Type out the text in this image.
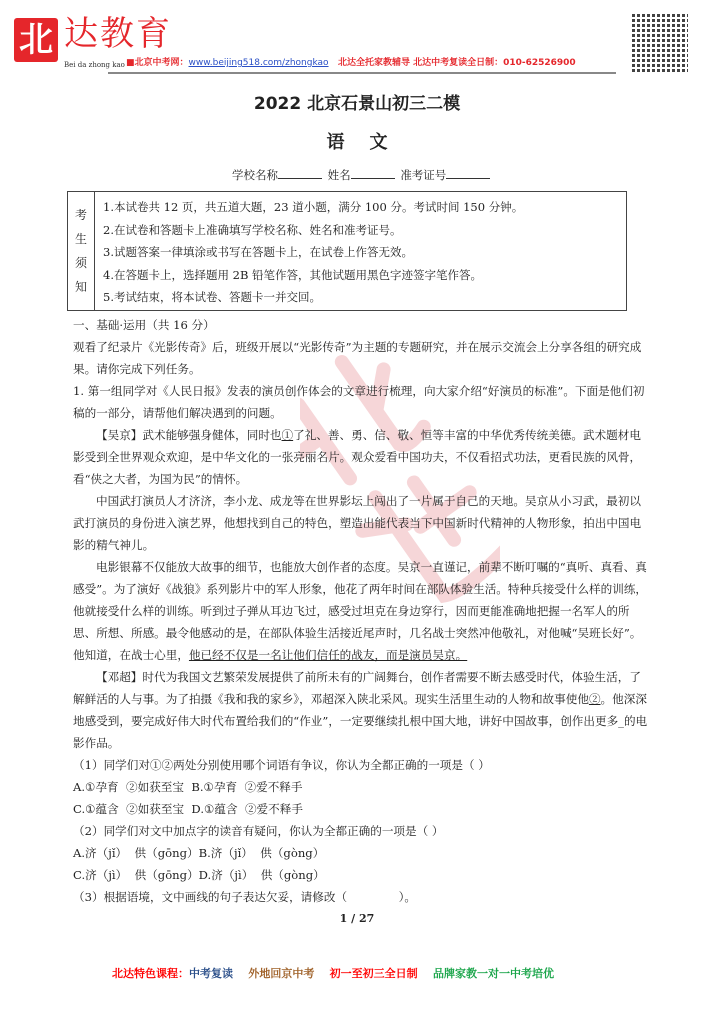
北 达教育
Bei da zhong kao ■北京中考网：www.beijing518.com/zhongkao 北达全托家教辅导 北达中考复读全日制：010-62526900
2022 北京石景山初三二模
语    文
学校名称	姓名	准考证号
考
生
须
知
1.本试卷共 12 页，共五道大题，23 道小题，满分 100 分。考试时间 150 分钟。
2.在试卷和答题卡上准确填写学校名称、姓名和准考证号。
3.试题答案一律填涂或书写在答题卡上，在试卷上作答无效。
4.在答题卡上，选择题用 2B 铅笔作答，其他试题用黑色字迹签字笔作答。
5.考试结束，将本试卷、答题卡一并交回。

一、基础·运用（共 16 分）

观看了纪录片《光影传奇》后，班级开展以“光影传奇”为主题的专题研究，并在展示交流会上分享各组的研究成果。请你完成下列任务。

1. 第一组同学对《人民日报》发表的演员创作体会的文章进行梳理，向大家介绍“好演员的标准”。下面是他们初稿的一部分，请帮他们解决遇到的问题。

【吴京】武术能够强身健体，同时也①了礼、善、勇、信、敬、恒等丰富的中华优秀传统美德。武术题材电影受到全世界观众欢迎，是中华文化的一张亮丽名片。观众爱看中国功夫，不仅看招式功法，更看民族的风骨，看“侠之大者，为国为民”的情怀。

中国武打演员人才济济，李小龙、成龙等在世界影坛上闯出了一片属于自己的天地。吴京从小习武，最初以武打演员的身份进入演艺界，他想找到自己的特色，塑造出能代表当下中国新时代精神的人物形象，拍出中国电影的精气神儿。

电影银幕不仅能放大故事的细节，也能放大创作者的态度。吴京一直谨记，前辈不断叮嘱的“真听、真看、真感受”。为了演好《战狼》系列影片中的军人形象，他花了两年时间在部队体验生活。特种兵接受什么样的训练，他就接受什么样的训练。听到过子弹从耳边飞过，感受过坦克在身边穿行，因而更能准确地把握一名军人的所思、所想、所感。最令他感动的是，在部队体验生活接近尾声时，几名战士突然冲他敬礼，对他喊“吴班长好”。他知道，在战士心里，他已经不仅是一名让他们信任的战友，而是演员吴京。

【邓超】时代为我国文艺繁荣发展提供了前所未有的广阔舞台，创作者需要不断去感受时代，体验生活，了解鲜活的人与事。为了拍摄《我和我的家乡》，邓超深入陕北采风。现实生活里生动的人物和故事使他②。他深深地感受到，要完成好伟大时代布置给我们的“作业”，一定要继续扎根中国大地，讲好中国故事，创作出更多_的电影作品。

（1）同学们对①②两处分别使用哪个词语有争议，你认为全都正确的一项是（ ）

A.①孕育  ②如获至宝  B.①孕育  ②爱不释手

C.①蕴含  ②如获至宝  D.①蕴含  ②爱不释手

（2）同学们对文中加点字的读音有疑问，你认为全都正确的一项是（ ）

A.济（jǐ）  供（gōng）B.济（jǐ）  供（gòng）

C.济（jì）  供（gōng）D.济（jì）  供（gòng）

（3）根据语境，文中画线的句子表达欠妥，请修改（              ）。

1 / 27
北达特色课程：中考复读 外地回京中考 初一至初三全日制 品牌家教一对一中考培优
